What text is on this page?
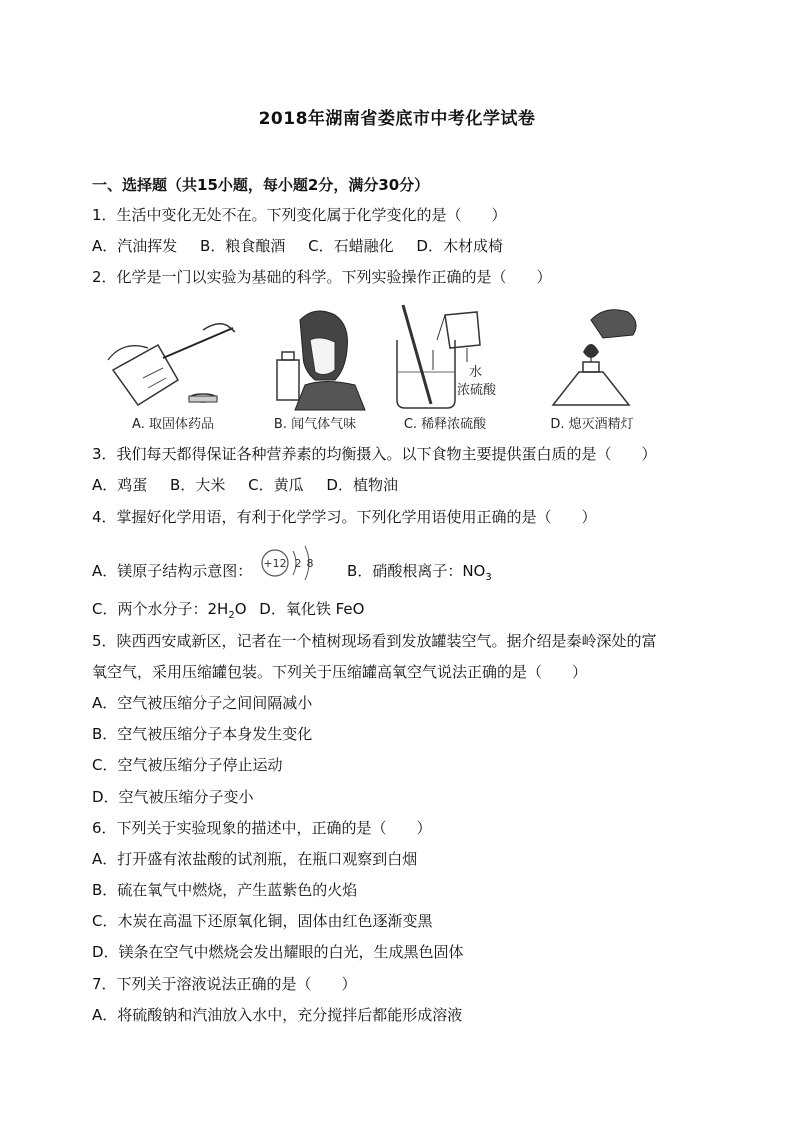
2018年湖南省娄底市中考化学试卷
一、选择题（共15小题，每小题2分，满分30分）
1．生活中变化无处不在。下列变化属于化学变化的是（　　）
A．汽油挥发 B．粮食酿酒 C．石蜡融化 D．木材成椅
2．化学是一门以实验为基础的科学。下列实验操作正确的是（　　）
A. 取固体药品	B. 闻气体气味
水
浓硫酸
C. 稀释浓硫酸	D. 熄灭酒精灯
3．我们每天都得保证各种营养素的均衡摄入。以下食物主要提供蛋白质的是（　　）
A．鸡蛋 B．大米 C．黄瓜 D．植物油
4．掌握好化学用语，有利于化学学习。下列化学用语使用正确的是（　　）
A．镁原子结构示意图： +12 2 8 B．硝酸根离子：$NO_3$
C．两个水分子：$2H_2O$ D．氧化铁 FeO
5．陕西西安咸新区，记者在一个植树现场看到发放罐装空气。据介绍是秦岭深处的富
氧空气，采用压缩罐包装。下列关于压缩罐高氧空气说法正确的是（　　）
A．空气被压缩分子之间间隔减小
B．空气被压缩分子本身发生变化
C．空气被压缩分子停止运动
D．空气被压缩分子变小
6．下列关于实验现象的描述中，正确的是（　　）
A．打开盛有浓盐酸的试剂瓶，在瓶口观察到白烟
B．硫在氧气中燃烧，产生蓝紫色的火焰
C．木炭在高温下还原氧化铜，固体由红色逐渐变黑
D．镁条在空气中燃烧会发出耀眼的白光，生成黑色固体
7．下列关于溶液说法正确的是（　　）
A．将硫酸钠和汽油放入水中，充分搅拌后都能形成溶液
